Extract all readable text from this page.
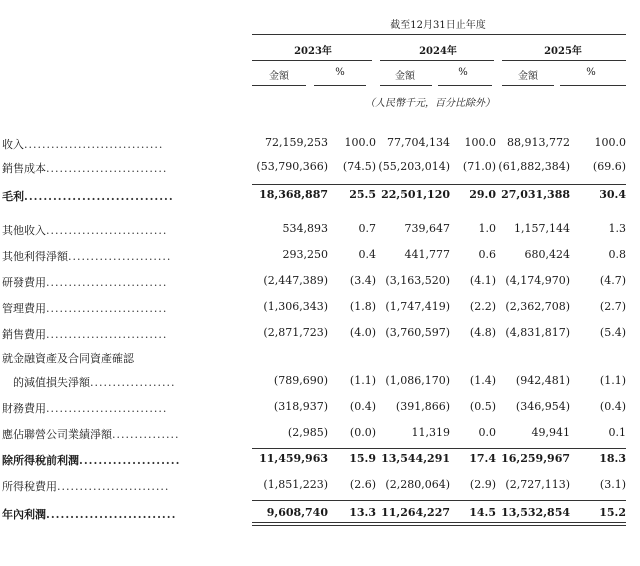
截至12月31日止年度
2023年	2024年	2025年
金額	%	金額	%	金額	%
（人民幣千元，百分比除外）
收入...............................	72,159,253	100.0	77,704,134	100.0	88,913,772	100.0
銷售成本...........................	(53,790,366)	(74.5) (55,203,014)	(71.0) (61,882,384)	(69.6)
毛利...............................	18,368,887	25.5 22,501,120	29.0 27,031,388	30.4
其他收入...........................	534,893	0.7	739,647	1.0	1,157,144	1.3
其他利得淨額.......................	293,250	0.4	441,777	0.6	680,424	0.8
研發費用...........................	(2,447,389)	(3.4) (3,163,520)	(4.1) (4,174,970)	(4.7)
管理費用...........................	(1,306,343)	(1.8) (1,747,419)	(2.2) (2,362,708)	(2.7)
銷售費用...........................	(2,871,723)	(4.0) (3,760,597)	(4.8) (4,831,817)	(5.4)
就金融資產及合同資產確認
　的減值損失淨額...................	(789,690)	(1.1) (1,086,170)	(1.4)	(942,481)	(1.1)
財務費用...........................	(318,937)	(0.4)	(391,866)	(0.5)	(346,954)	(0.4)
應佔聯營公司業績淨額...............	(2,985)	(0.0)	11,319	0.0	49,941	0.1
除所得稅前利潤.....................	11,459,963	15.9 13,544,291	17.4 16,259,967	18.3
所得稅費用.........................	(1,851,223)	(2.6) (2,280,064)	(2.9) (2,727,113)	(3.1)
年內利潤...........................	9,608,740	13.3 11,264,227	14.5 13,532,854	15.2
